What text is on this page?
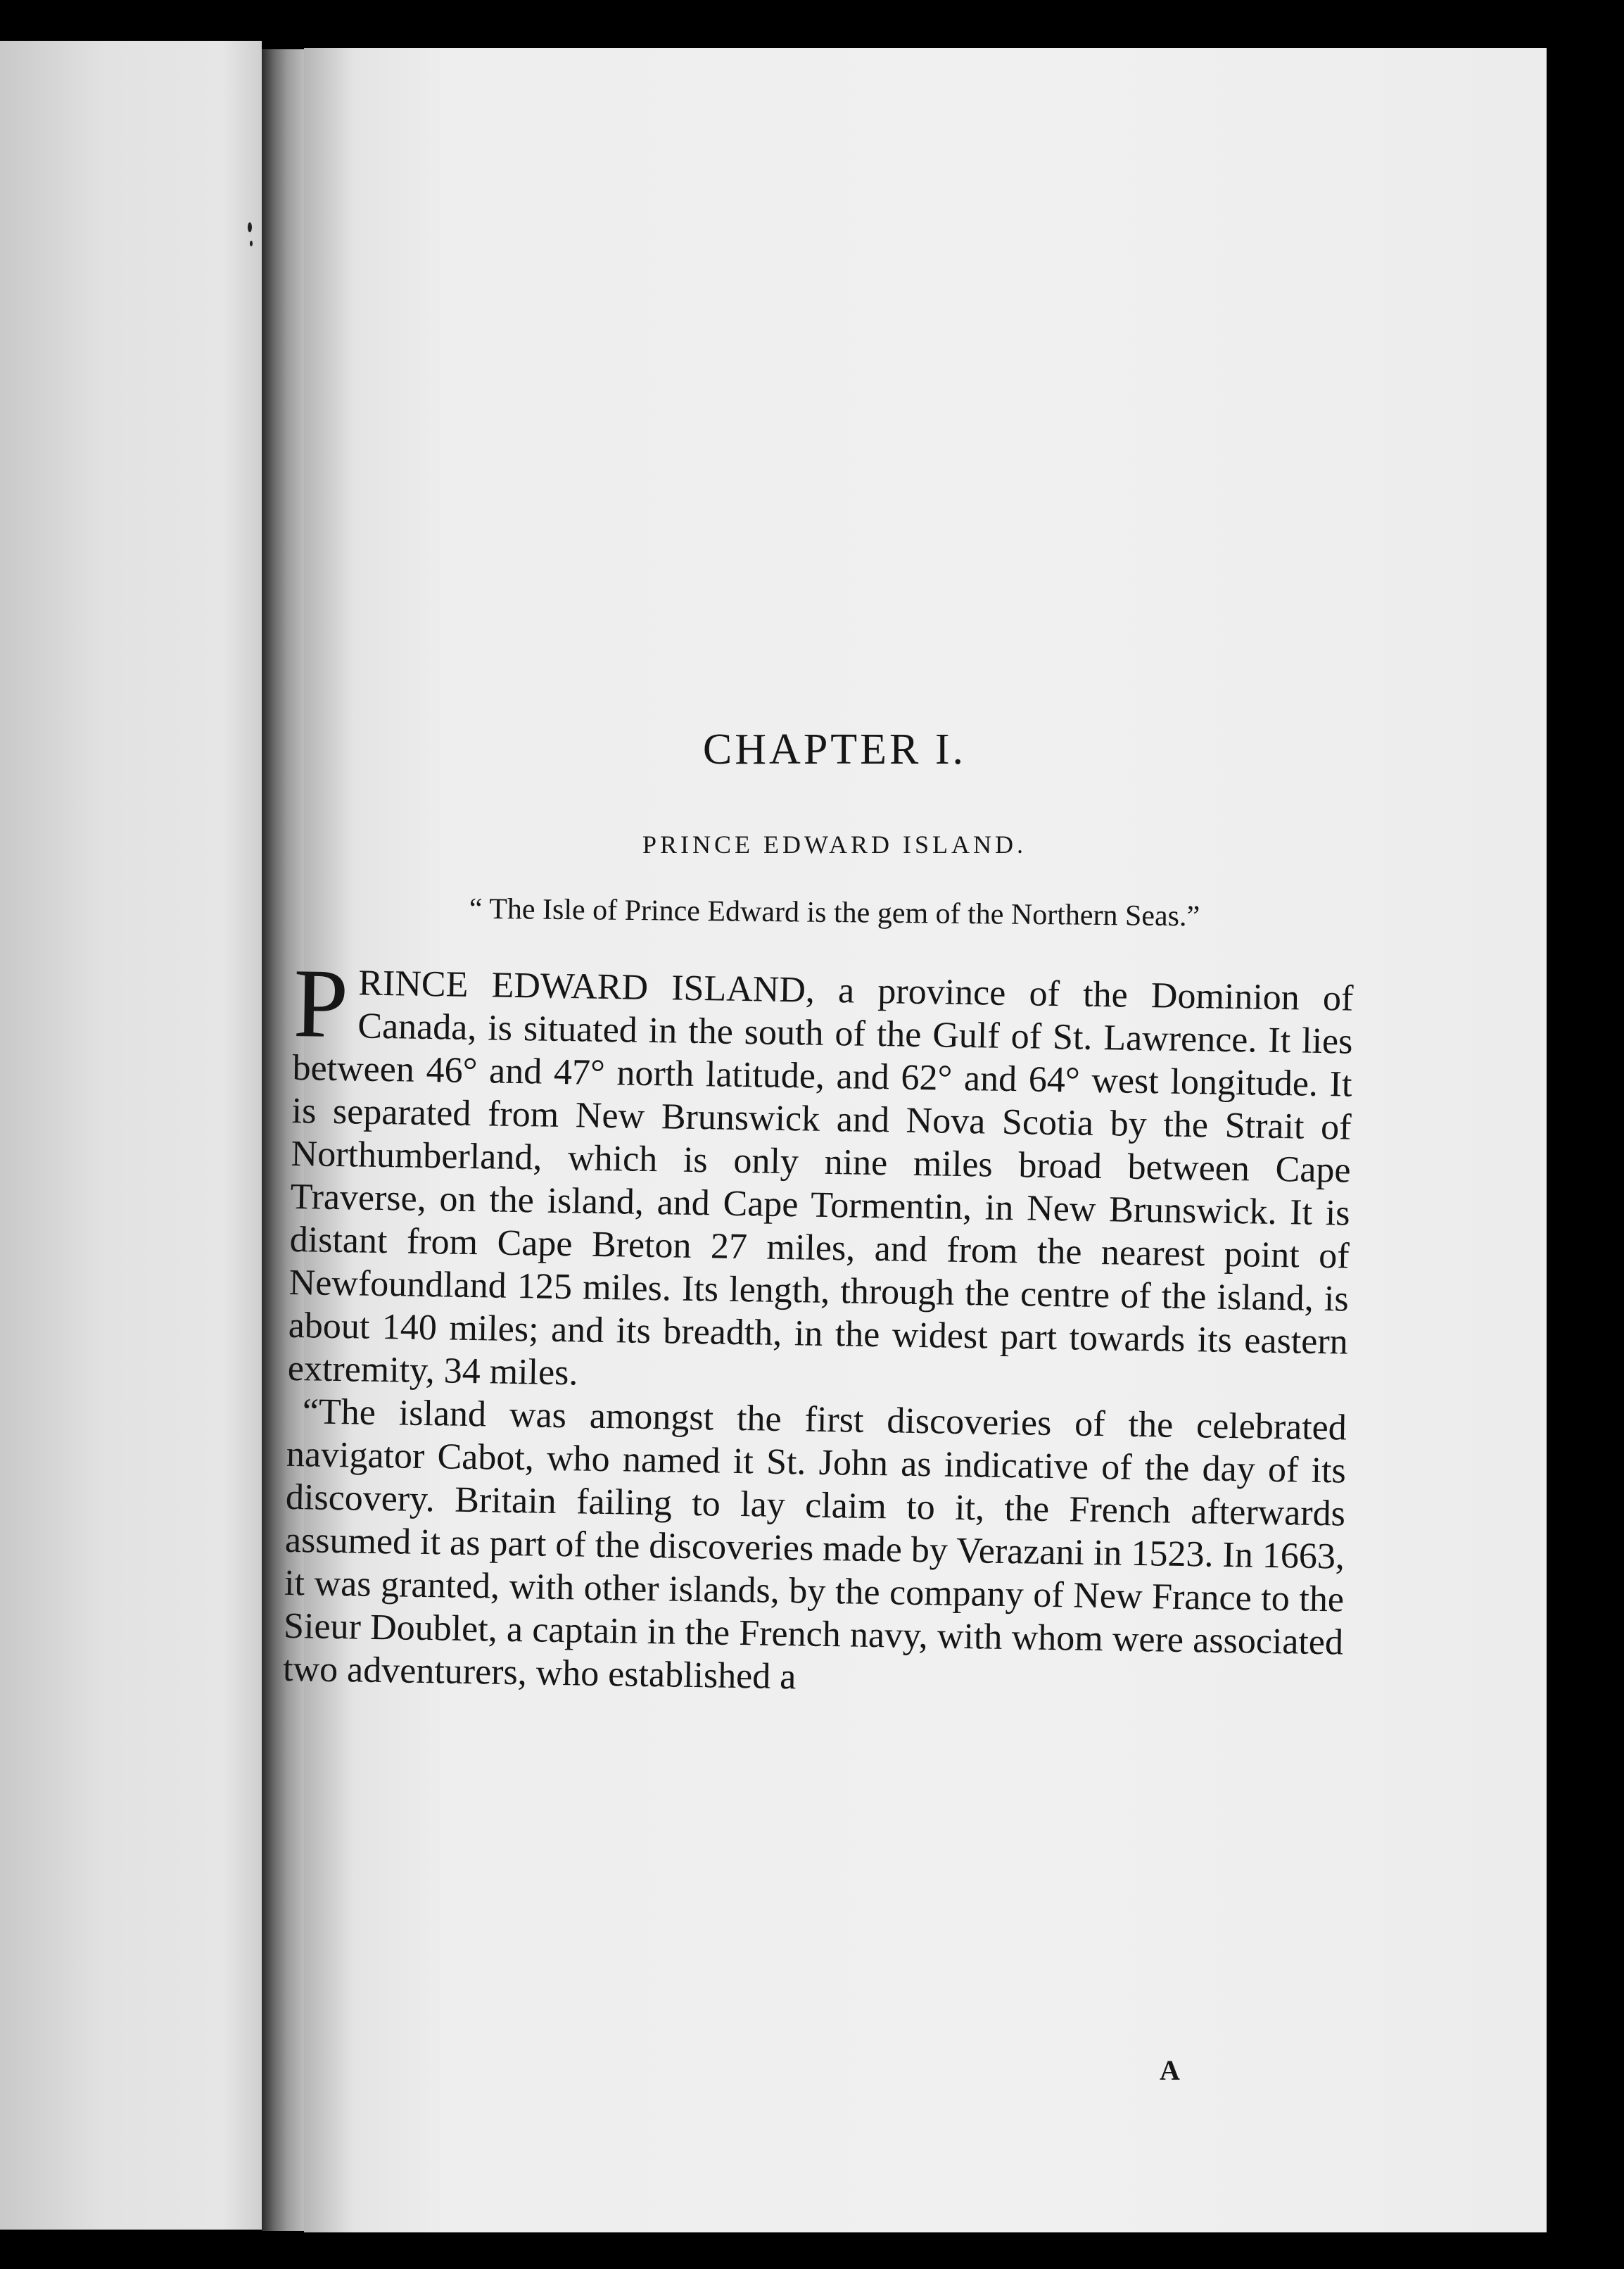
CHAPTER I.
PRINCE EDWARD ISLAND.
“ The Isle of Prince Edward is the gem of the Northern Seas.”

PRINCE EDWARD ISLAND, a province of the Dominion of Canada, is situated in the south of the Gulf of St. Lawrence. It lies between 46° and 47° north latitude, and 62° and 64° west longitude. It is separated from New Brunswick and Nova Scotia by the Strait of Northumberland, which is only nine miles broad between Cape Traverse, on the island, and Cape Tormentin, in New Brunswick. It is distant from Cape Breton 27 miles, and from the nearest point of Newfoundland 125 miles. Its length, through the centre of the island, is about 140 miles; and its breadth, in the widest part towards its eastern extremity, 34 miles.

“The island was amongst the first discoveries of the celebrated navigator Cabot, who named it St. John as indicative of the day of its discovery. Britain failing to lay claim to it, the French afterwards assumed it as part of the discoveries made by Verazani in 1523. In 1663, it was granted, with other islands, by the company of New France to the Sieur Doublet, a captain in the French navy, with whom were associated two adventurers, who established a

A
